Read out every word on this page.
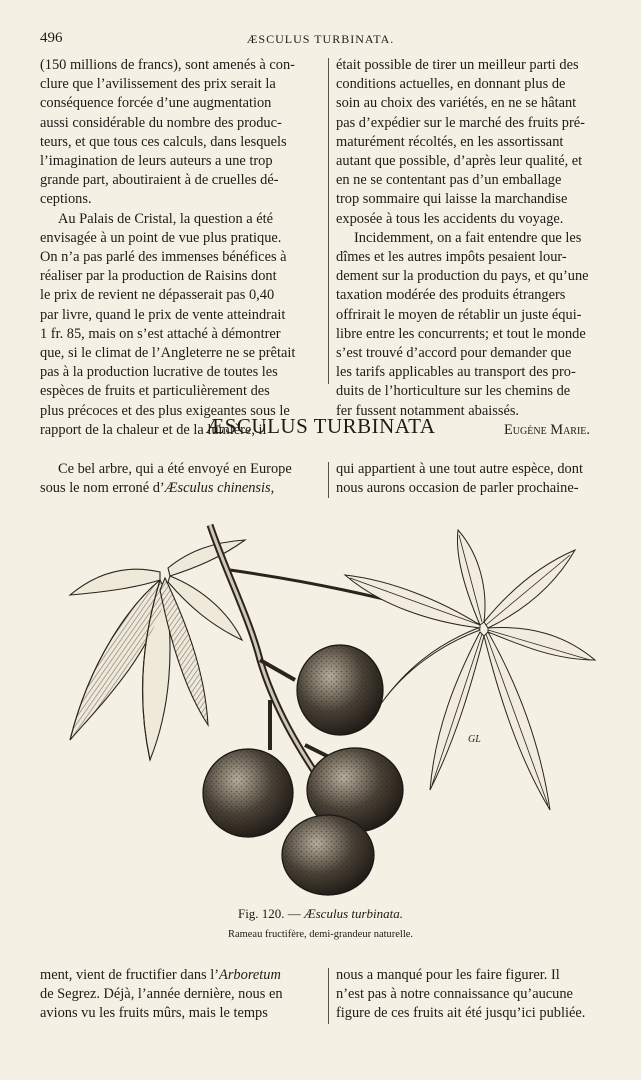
496	ÆSCULUS TURBINATA.

(150 millions de francs), sont amenés à con-

clure que l’avilissement des prix serait la

conséquence forcée d’une augmentation

aussi considérable du nombre des produc-

teurs, et que tous ces calculs, dans lesquels

l’imagination de leurs auteurs a une trop

grande part, aboutiraient à de cruelles dé-

ceptions.

Au Palais de Cristal, la question a été

envisagée à un point de vue plus pratique.

On n’a pas parlé des immenses bénéfices à

réaliser par la production de Raisins dont

le prix de revient ne dépasserait pas 0,40

par livre, quand le prix de vente atteindrait

1 fr. 85, mais on s’est attaché à démontrer

que, si le climat de l’Angleterre ne se prêtait

pas à la production lucrative de toutes les

espèces de fruits et particulièrement des

plus précoces et des plus exigeantes sous le

rapport de la chaleur et de la lumière, il

était possible de tirer un meilleur parti des

conditions actuelles, en donnant plus de

soin au choix des variétés, en ne se hâtant

pas d’expédier sur le marché des fruits pré-

maturément récoltés, en les assortissant

autant que possible, d’après leur qualité, et

en ne se contentant pas d’un emballage

trop sommaire qui laisse la marchandise

exposée à tous les accidents du voyage.

Incidemment, on a fait entendre que les

dîmes et les autres impôts pesaient lour-

dement sur la production du pays, et qu’une

taxation modérée des produits étrangers

offrirait le moyen de rétablir un juste équi-

libre entre les concurrents; et tout le monde

s’est trouvé d’accord pour demander que

les tarifs applicables au transport des pro-

duits de l’horticulture sur les chemins de

fer fussent notamment abaissés.

Eugène Marie.

ÆSCULUS TURBINATA

Ce bel arbre, qui a été envoyé en Europe

sous le nom erroné d’Æsculus chinensis,

qui appartient à une tout autre espèce, dont

nous aurons occasion de parler prochaine-

GL
Fig. 120. — Æsculus turbinata.
Rameau fructifère, demi-grandeur naturelle.

ment, vient de fructifier dans l’Arboretum

de Segrez. Déjà, l’année dernière, nous en

avions vu les fruits mûrs, mais le temps

nous a manqué pour les faire figurer. Il

n’est pas à notre connaissance qu’aucune

figure de ces fruits ait été jusqu’ici publiée.
